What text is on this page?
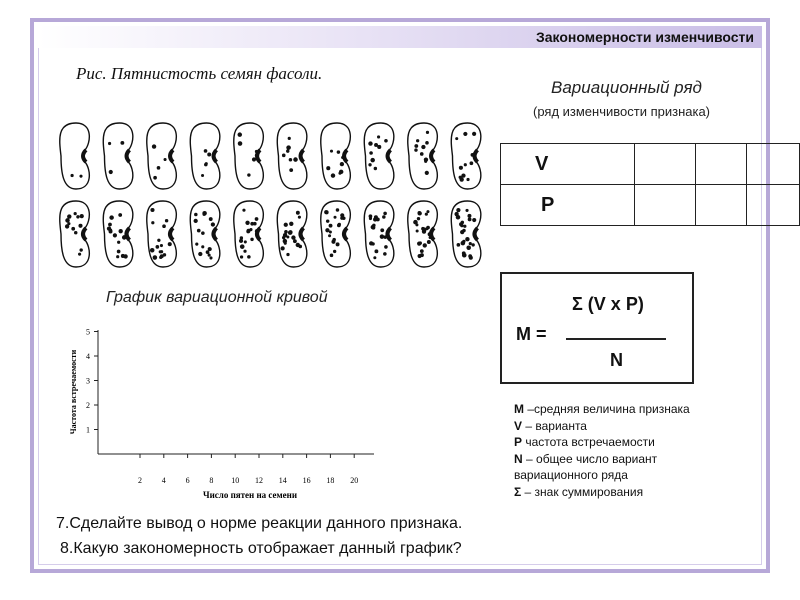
Закономерности изменчивости
Рис. Пятнистость семян фасоли.
Вариационный ряд
(ряд изменчивости признака)
V			
P			
График вариационной кривой
Частота встречаемости 1
2
3
4
5
2 4 6 8 10 12 14 16 18 20
Число пятен на семени
Σ (V x P)
M =
N
M –средняя величина признака
V – варианта
P частота встречаемости
N – общее число вариант вариационного ряда
Σ – знак суммирования
7.Сделайте вывод о норме реакции данного признака.
8.Какую закономерность отображает данный график?
